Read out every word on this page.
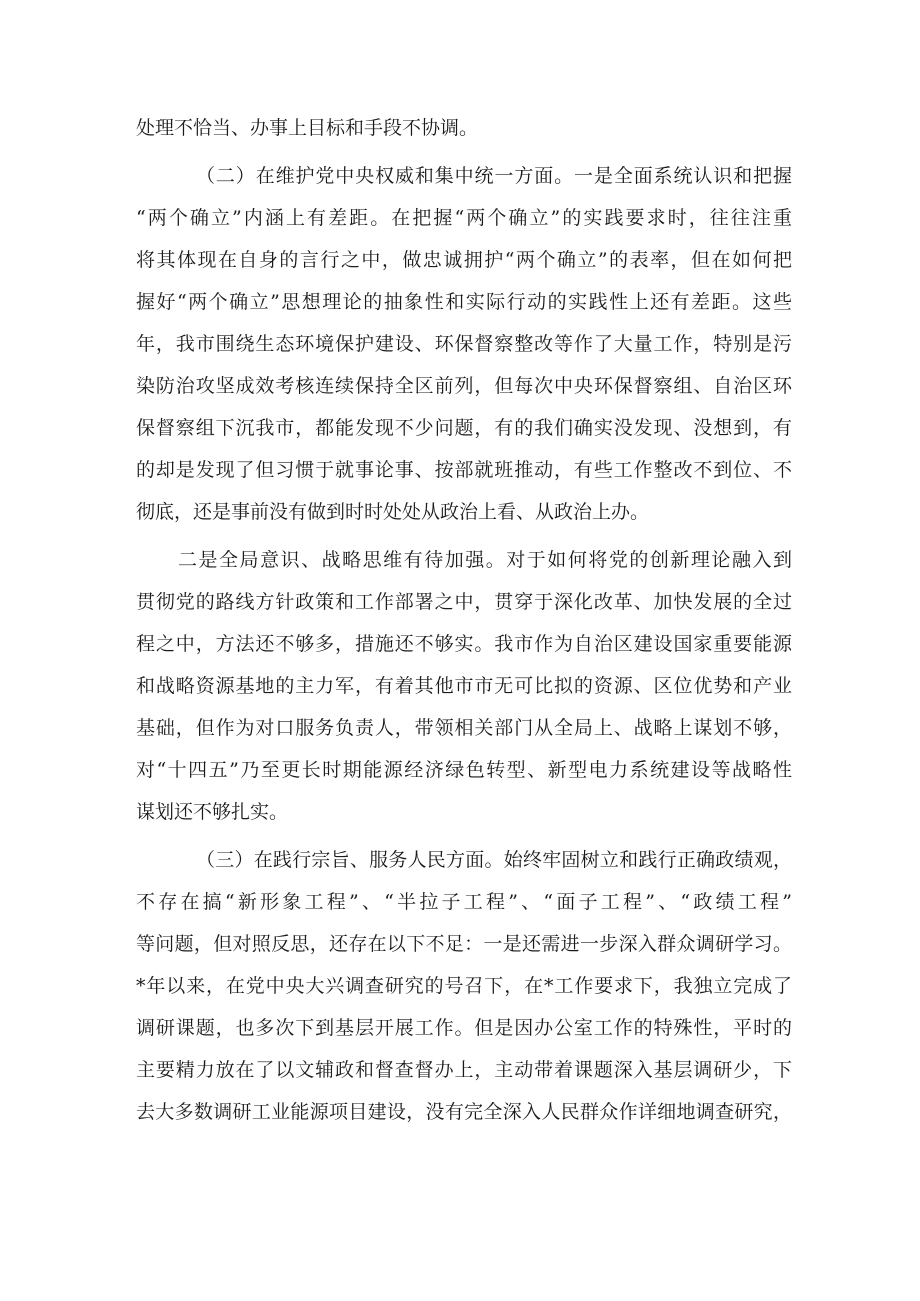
处理不恰当、办事上目标和手段不协调。

（二）在维护党中央权威和集中统一方面。一是全面系统认识和把握

“两个确立”内涵上有差距。在把握“两个确立”的实践要求时，往往注重

将其体现在自身的言行之中，做忠诚拥护“两个确立”的表率，但在如何把

握好“两个确立”思想理论的抽象性和实际行动的实践性上还有差距。这些

年，我市围绕生态环境保护建设、环保督察整改等作了大量工作，特别是污

染防治攻坚成效考核连续保持全区前列，但每次中央环保督察组、自治区环

保督察组下沉我市，都能发现不少问题，有的我们确实没发现、没想到，有

的却是发现了但习惯于就事论事、按部就班推动，有些工作整改不到位、不

彻底，还是事前没有做到时时处处从政治上看、从政治上办。

二是全局意识、战略思维有待加强。对于如何将党的创新理论融入到

贯彻党的路线方针政策和工作部署之中，贯穿于深化改革、加快发展的全过

程之中，方法还不够多，措施还不够实。我市作为自治区建设国家重要能源

和战略资源基地的主力军，有着其他市市无可比拟的资源、区位优势和产业

基础，但作为对口服务负责人，带领相关部门从全局上、战略上谋划不够，

对“十四五”乃至更长时期能源经济绿色转型、新型电力系统建设等战略性

谋划还不够扎实。

（三）在践行宗旨、服务人民方面。始终牢固树立和践行正确政绩观，

不存在搞“新形象工程”、“半拉子工程”、“面子工程”、“政绩工程”

等问题，但对照反思，还存在以下不足：一是还需进一步深入群众调研学习。

*年以来，在党中央大兴调查研究的号召下，在*工作要求下，我独立完成了

调研课题，也多次下到基层开展工作。但是因办公室工作的特殊性，平时的

主要精力放在了以文辅政和督查督办上，主动带着课题深入基层调研少，下

去大多数调研工业能源项目建设，没有完全深入人民群众作详细地调查研究，
